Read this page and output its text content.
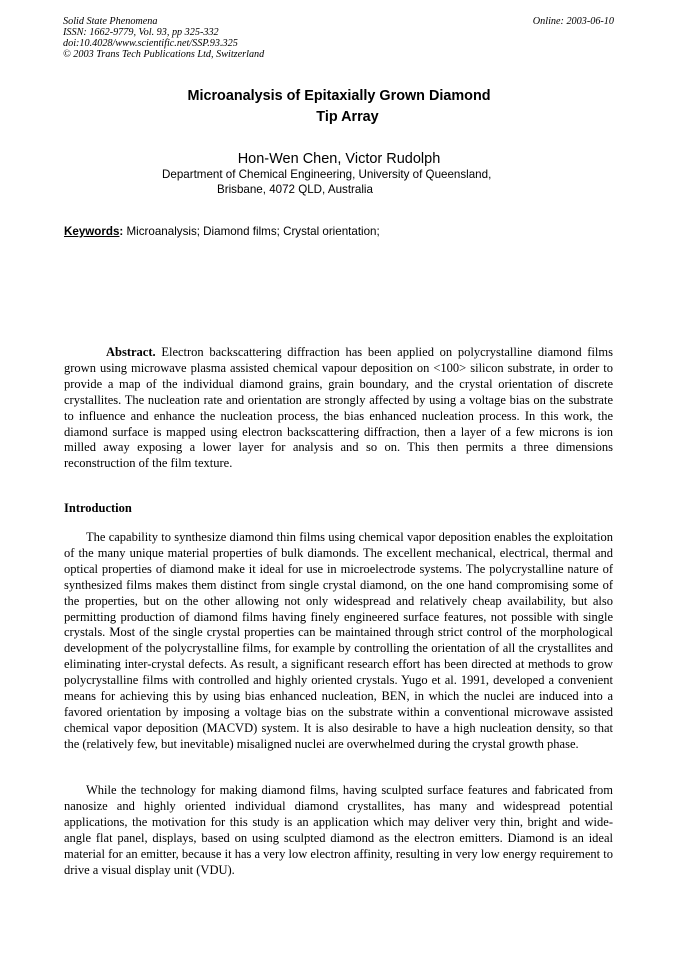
Solid State Phenomena
ISSN: 1662-9779, Vol. 93, pp 325-332
doi:10.4028/www.scientific.net/SSP.93.325
© 2003 Trans Tech Publications Ltd, Switzerland
Online: 2003-06-10
Microanalysis of Epitaxially Grown Diamond
Tip Array
Hon-Wen Chen, Victor Rudolph
Department of Chemical Engineering, University of Queensland,
Brisbane, 4072 QLD, Australia
Keywords: Microanalysis; Diamond films; Crystal orientation;

Abstract. Electron backscattering diffraction has been applied on polycrystalline diamond films grown using microwave plasma assisted chemical vapour deposition on <100> silicon substrate, in order to provide a map of the individual diamond grains, grain boundary, and the crystal orientation of discrete crystallites. The nucleation rate and orientation are strongly affected by using a voltage bias on the substrate to influence and enhance the nucleation process, the bias enhanced nucleation process. In this work, the diamond surface is mapped using electron backscattering diffraction, then a layer of a few microns is ion milled away exposing a lower layer for analysis and so on. This then permits a three dimensions reconstruction of the film texture.

Introduction

The capability to synthesize diamond thin films using chemical vapor deposition enables the exploitation of the many unique material properties of bulk diamonds. The excellent mechanical, electrical, thermal and optical properties of diamond make it ideal for use in microelectrode systems. The polycrystalline nature of synthesized films makes them distinct from single crystal diamond, on the one hand compromising some of the properties, but on the other allowing not only widespread and relatively cheap availability, but also permitting production of diamond films having finely engineered surface features, not possible with single crystals. Most of the single crystal properties can be maintained through strict control of the morphological development of the polycrystalline films, for example by controlling the orientation of all the crystallites and eliminating inter-crystal defects. As result, a significant research effort has been directed at methods to grow polycrystalline films with controlled and highly oriented crystals. Yugo et al. 1991, developed a convenient means for achieving this by using bias enhanced nucleation, BEN, in which the nuclei are induced into a favored orientation by imposing a voltage bias on the substrate within a conventional microwave assisted chemical vapor deposition (MACVD) system. It is also desirable to have a high nucleation density, so that the (relatively few, but inevitable) misaligned nuclei are overwhelmed during the crystal growth phase.

While the technology for making diamond films, having sculpted surface features and fabricated from nanosize and highly oriented individual diamond crystallites, has many and widespread potential applications, the motivation for this study is an application which may deliver very thin, bright and wide-angle flat panel, displays, based on using sculpted diamond as the electron emitters. Diamond is an ideal material for an emitter, because it has a very low electron affinity, resulting in very low energy requirement to drive a visual display unit (VDU).
